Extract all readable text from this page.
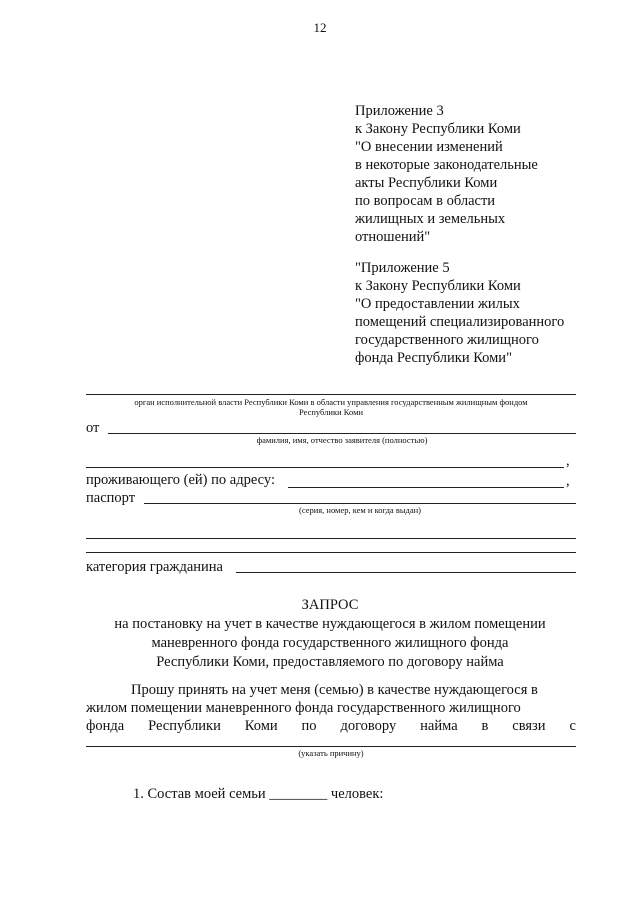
12
Приложение 3
к Закону Республики Коми
"О внесении изменений
в некоторые законодательные
акты Республики Коми
по вопросам в области
жилищных и земельных
отношений"
"Приложение 5
к Закону Республики Коми
"О предоставлении жилых
помещений специализированного
государственного жилищного
фонда Республики Коми"
орган исполнительной власти Республики Коми в области управления государственным жилищным фондом
Республики Коми
от
фамилия, имя, отчество заявителя (полностью)
,
проживающего (ей) по адресу:	,
паспорт
(серия, номер, кем и когда выдан)
категория гражданина
ЗАПРОС
на постановку на учет в качестве нуждающегося в жилом помещении
маневренного фонда государственного жилищного фонда
Республики Коми, предоставляемого по договору найма
Прошу принять на учет меня (семью) в качестве нуждающегося в
жилом помещении маневренного фонда государственного жилищного
фонда Республики Коми по договору найма в связи с
(указать причину)
1. Состав моей семьи ________ человек:
